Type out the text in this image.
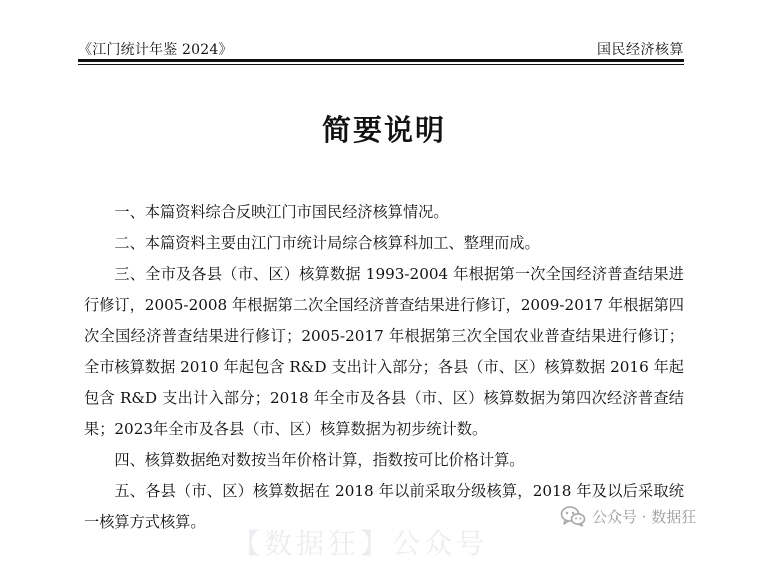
《江门统计年鉴 2024》	国民经济核算
简要说明

一、本篇资料综合反映江门市国民经济核算情况。

二、本篇资料主要由江门市统计局综合核算科加工、整理而成。

三、全市及各县（市、区）核算数据 1993-2004 年根据第一次全国经济普查结果进行修订，2005-2008 年根据第二次全国经济普查结果进行修订，2009-2017 年根据第四次全国经济普查结果进行修订；2005-2017 年根据第三次全国农业普查结果进行修订；全市核算数据 2010 年起包含 R&D 支出计入部分；各县（市、区）核算数据 2016 年起包含 R&D 支出计入部分；2018 年全市及各县（市、区）核算数据为第四次经济普查结果；2023年全市及各县（市、区）核算数据为初步统计数。

四、核算数据绝对数按当年价格计算，指数按可比价格计算。

五、各县（市、区）核算数据在 2018 年以前采取分级核算，2018 年及以后采取统一核算方式核算。

【数据狂】公众号
公众号 · 数据狂
